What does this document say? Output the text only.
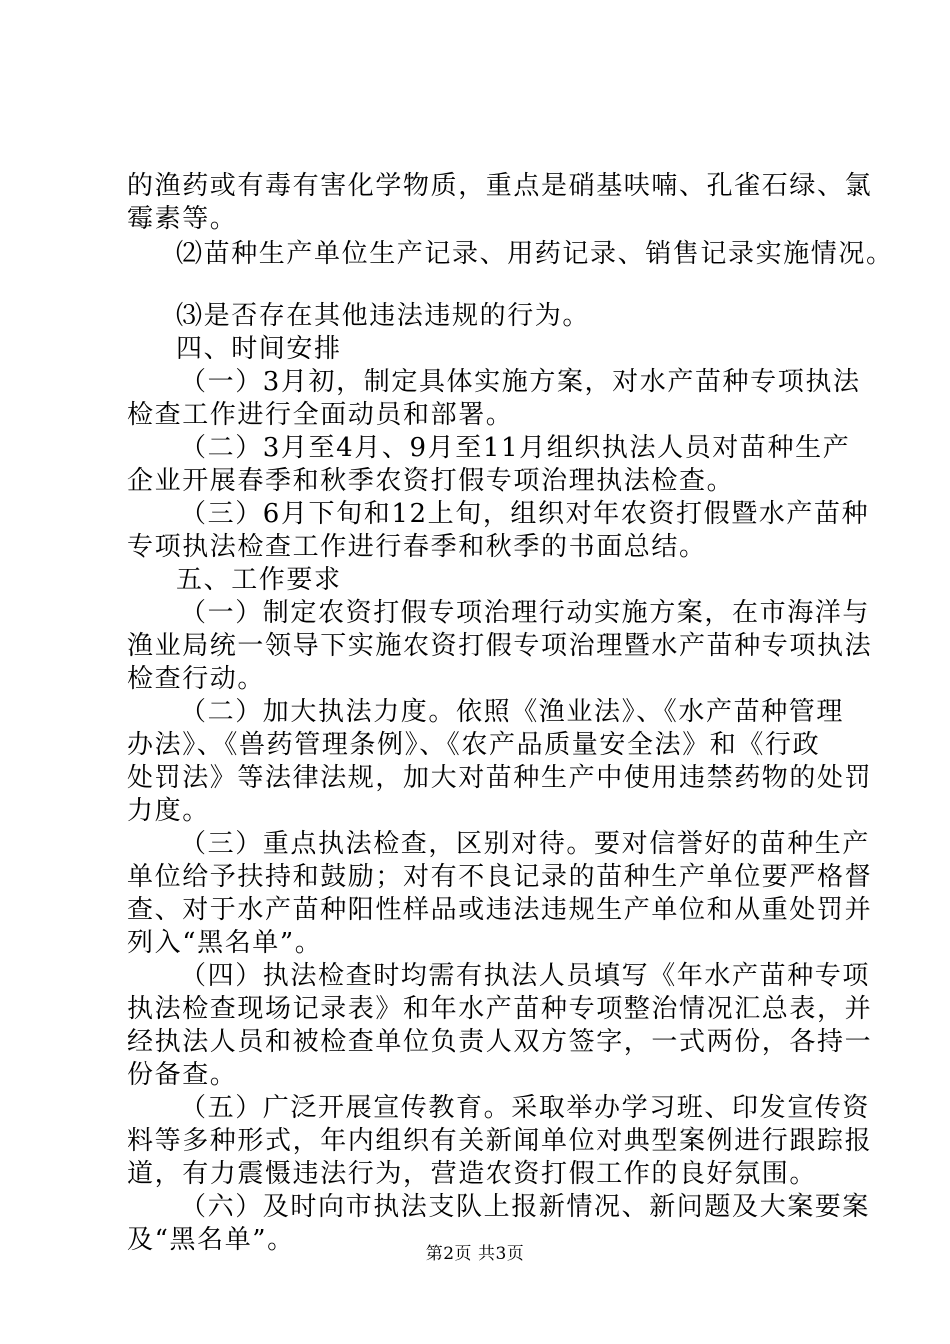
的渔药或有毒有害化学物质，重点是硝基呋喃、孔雀石绿、氯
霉素等。
⑵苗种生产单位生产记录、用药记录、销售记录实施情况。
⑶是否存在其他违法违规的行为。
四、时间安排
（一）3月初，制定具体实施方案，对水产苗种专项执法
检查工作进行全面动员和部署。
（二）3月至4月、9月至11月组织执法人员对苗种生产
企业开展春季和秋季农资打假专项治理执法检查。
（三）6月下旬和12上旬，组织对年农资打假暨水产苗种
专项执法检查工作进行春季和秋季的书面总结。
五、工作要求
（一）制定农资打假专项治理行动实施方案，在市海洋与
渔业局统一领导下实施农资打假专项治理暨水产苗种专项执法
检查行动。
（二）加大执法力度。依照《渔业法》、《水产苗种管理
办法》、《兽药管理条例》、《农产品质量安全法》和《行政
处罚法》等法律法规，加大对苗种生产中使用违禁药物的处罚
力度。
（三）重点执法检查，区别对待。要对信誉好的苗种生产
单位给予扶持和鼓励；对有不良记录的苗种生产单位要严格督
查、对于水产苗种阳性样品或违法违规生产单位和从重处罚并
列入“黑名单”。
（四）执法检查时均需有执法人员填写《年水产苗种专项
执法检查现场记录表》和年水产苗种专项整治情况汇总表，并
经执法人员和被检查单位负责人双方签字，一式两份，各持一
份备查。
（五）广泛开展宣传教育。采取举办学习班、印发宣传资
料等多种形式，年内组织有关新闻单位对典型案例进行跟踪报
道，有力震慑违法行为，营造农资打假工作的良好氛围。
（六）及时向市执法支队上报新情况、新问题及大案要案
及“黑名单”。	第2页 共3页
